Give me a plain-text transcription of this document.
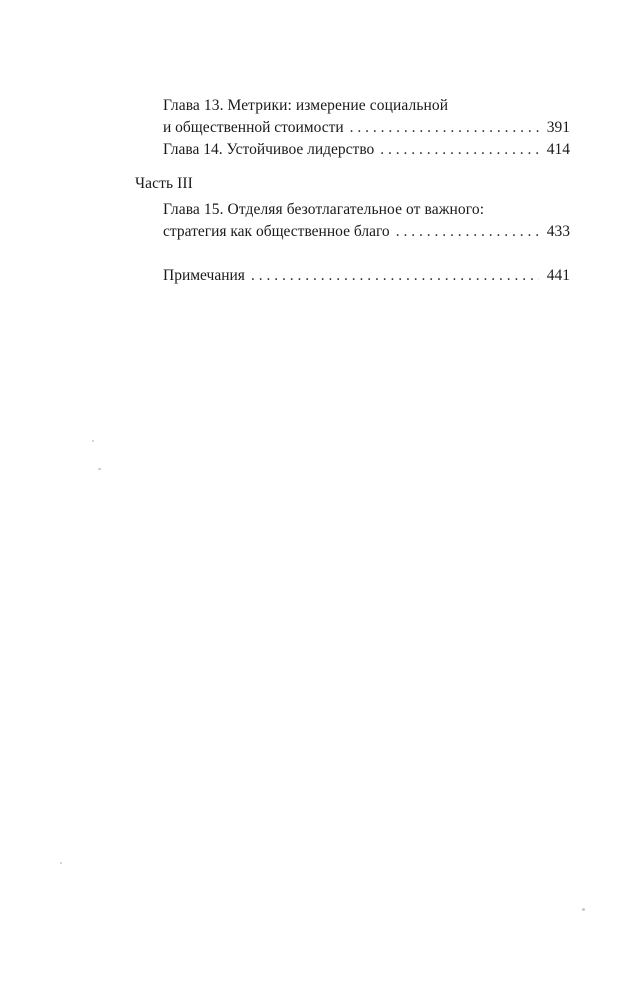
Глава 13. Метрики: измерение социальной
и общественной стоимости . . .	391
Глава 14. Устойчивое лидерство . . .	414
Часть III
Глава 15. Отделяя безотлагательное от важного:
стратегия как общественное благо . . .	433
Примечания . . .	441
